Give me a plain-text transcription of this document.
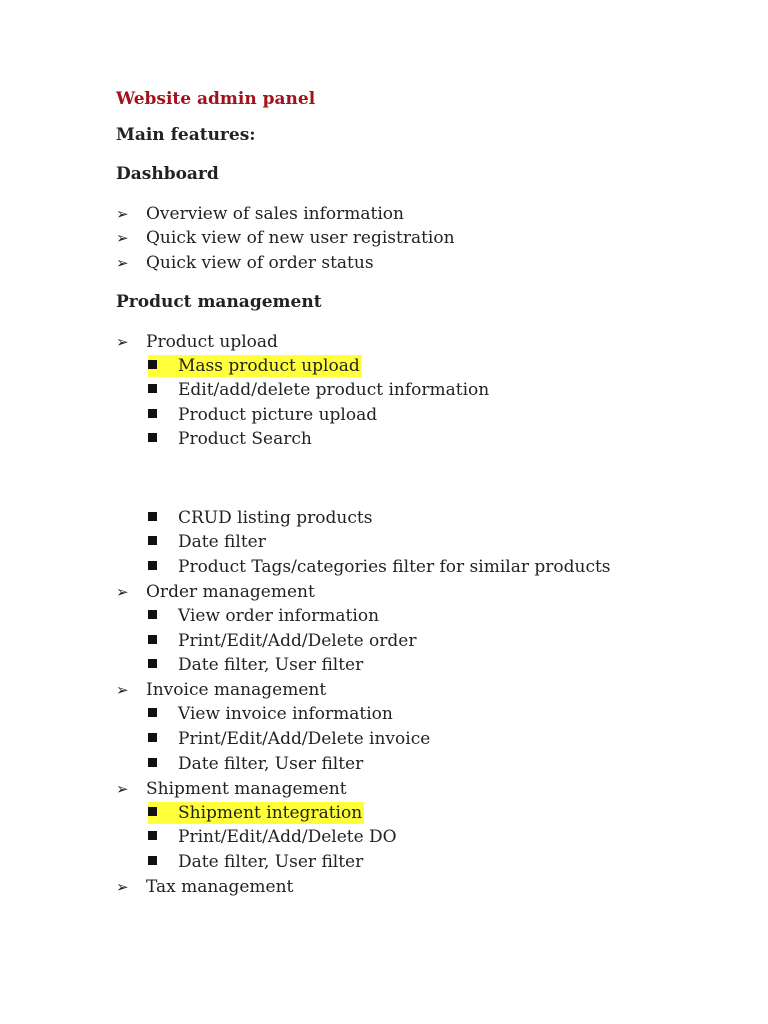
Website admin panel
Main features:
Dashboard
➢ Overview of sales information
➢ Quick view of new user registration
➢ Quick view of order status
Product management
➢ Product upload
Mass product upload
Edit/add/delete product information
Product picture upload
Product Search
CRUD listing products
Date filter
Product Tags/categories filter for similar products
➢ Order management
View order information
Print/Edit/Add/Delete order
Date filter, User filter
➢ Invoice management
View invoice information
Print/Edit/Add/Delete invoice
Date filter, User filter
➢ Shipment management
Shipment integration
Print/Edit/Add/Delete DO
Date filter, User filter
➢ Tax management
